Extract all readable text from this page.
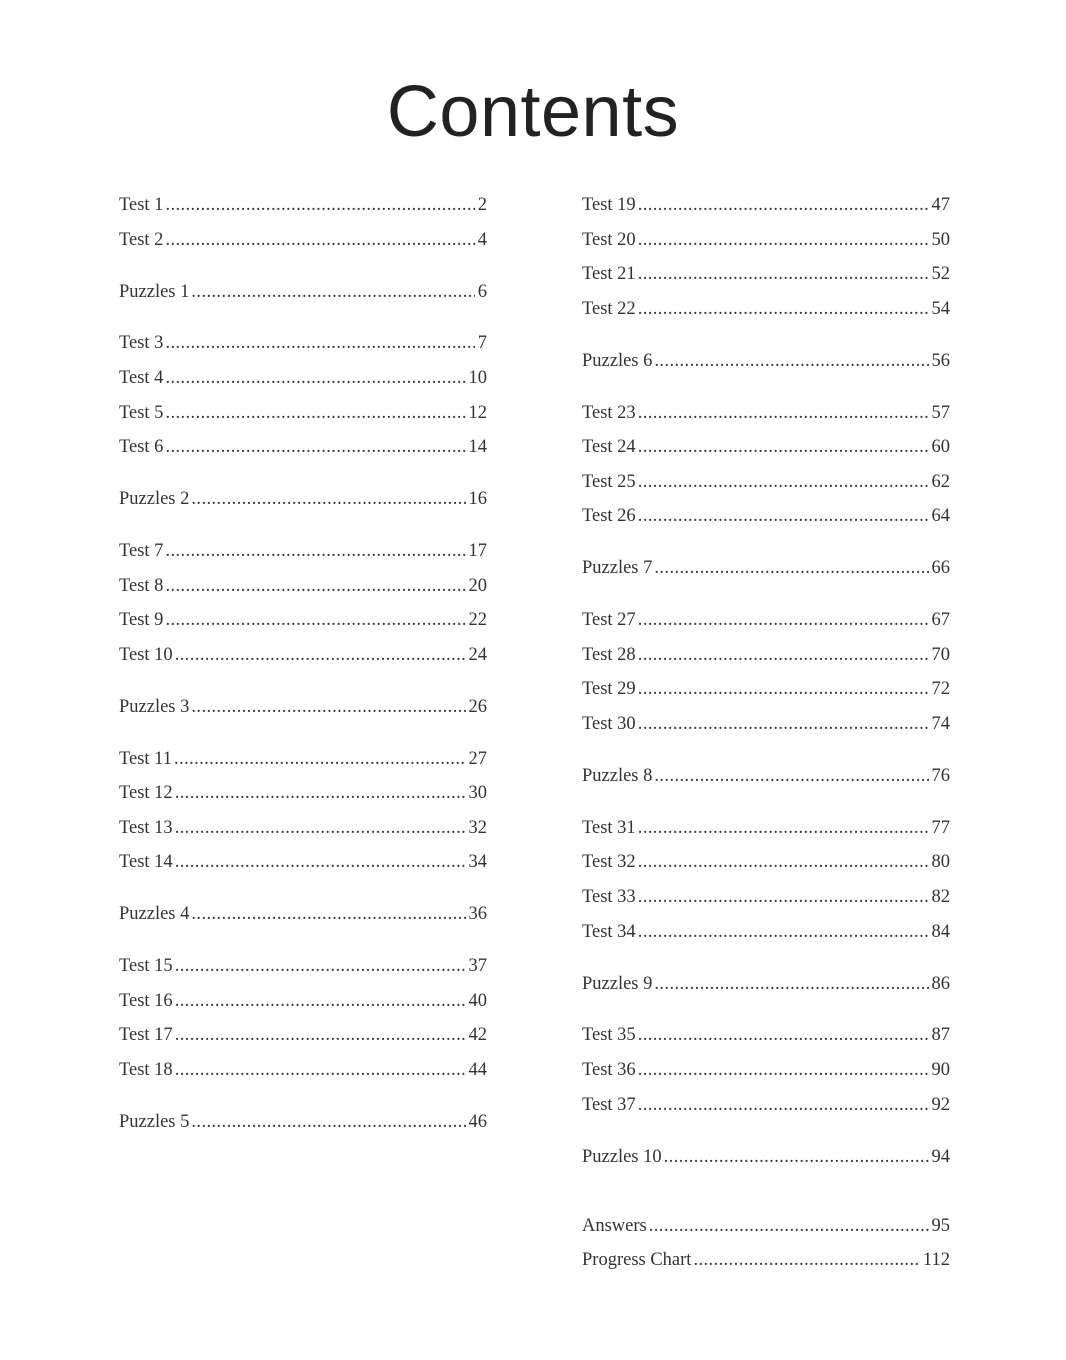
Contents
Test 1 .....	2
Test 2 .....	4
Puzzles 1 .....	6
Test 3 .....	7
Test 4 .....	10
Test 5 .....	12
Test 6 .....	14
Puzzles 2 .....	16
Test 7 .....	17
Test 8 .....	20
Test 9 .....	22
Test 10 .....	24
Puzzles 3 .....	26
Test 11 .....	27
Test 12 .....	30
Test 13 .....	32
Test 14 .....	34
Puzzles 4 .....	36
Test 15 .....	37
Test 16 .....	40
Test 17 .....	42
Test 18 .....	44
Puzzles 5 .....	46
Test 19 .....	47
Test 20 .....	50
Test 21 .....	52
Test 22 .....	54
Puzzles 6 .....	56
Test 23 .....	57
Test 24 .....	60
Test 25 .....	62
Test 26 .....	64
Puzzles 7 .....	66
Test 27 .....	67
Test 28 .....	70
Test 29 .....	72
Test 30 .....	74
Puzzles 8 .....	76
Test 31 .....	77
Test 32 .....	80
Test 33 .....	82
Test 34 .....	84
Puzzles 9 .....	86
Test 35 .....	87
Test 36 .....	90
Test 37 .....	92
Puzzles 10 .....	94
Answers .....	95
Progress Chart .....	112
